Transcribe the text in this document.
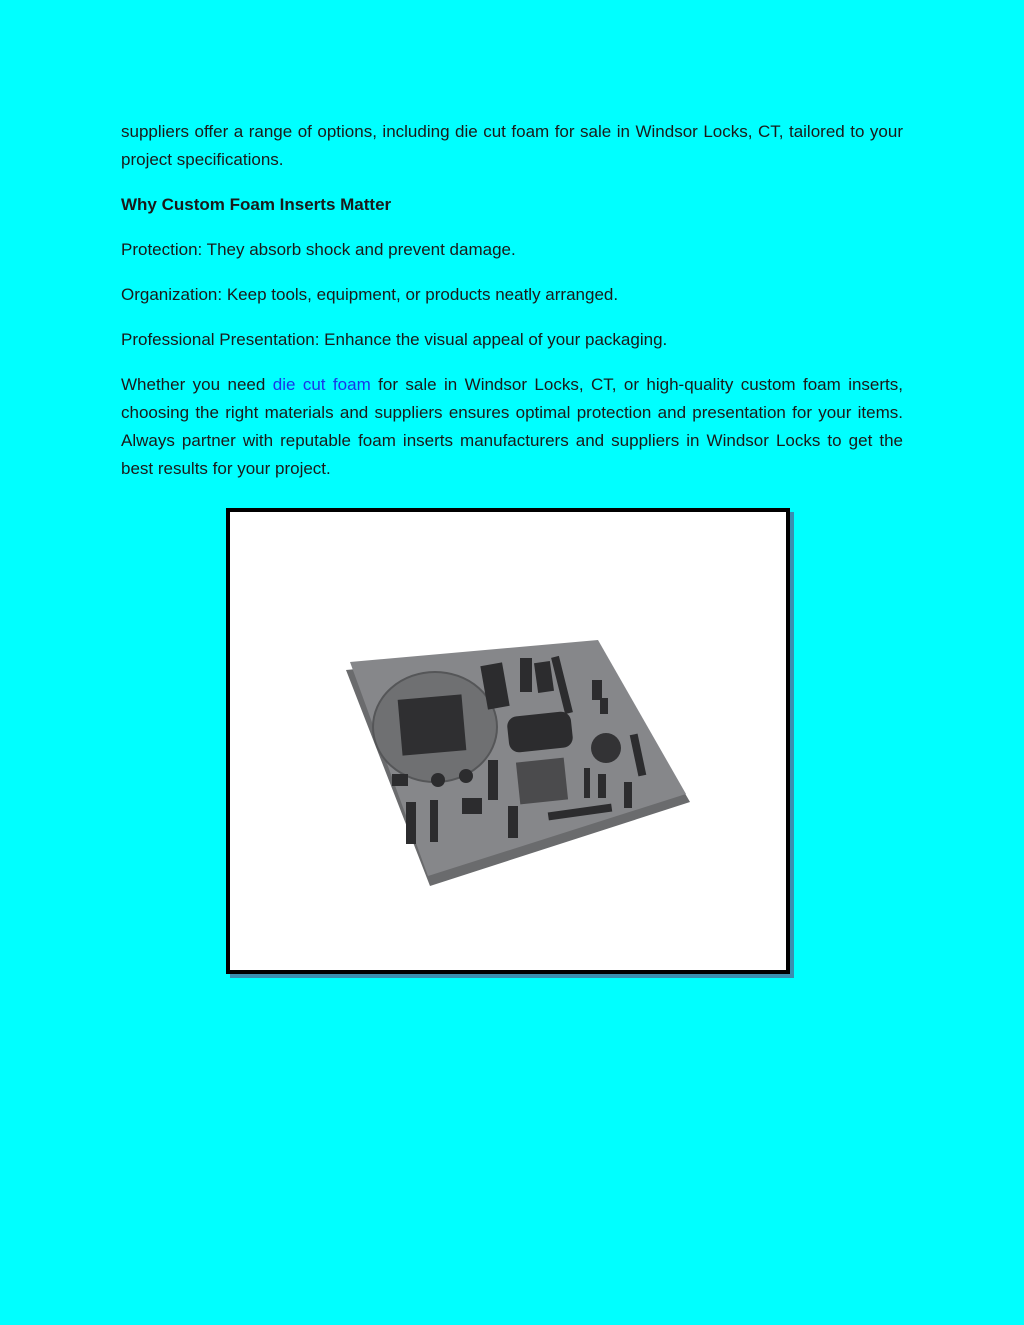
suppliers offer a range of options, including die cut foam for sale in Windsor Locks, CT, tailored to your project specifications.

Why Custom Foam Inserts Matter

Protection: They absorb shock and prevent damage.

Organization: Keep tools, equipment, or products neatly arranged.

Professional Presentation: Enhance the visual appeal of your packaging.

Whether you need die cut foam for sale in Windsor Locks, CT, or high-quality custom foam inserts, choosing the right materials and suppliers ensures optimal protection and presentation for your items. Always partner with reputable foam inserts manufacturers and suppliers in Windsor Locks to get the best results for your project.
